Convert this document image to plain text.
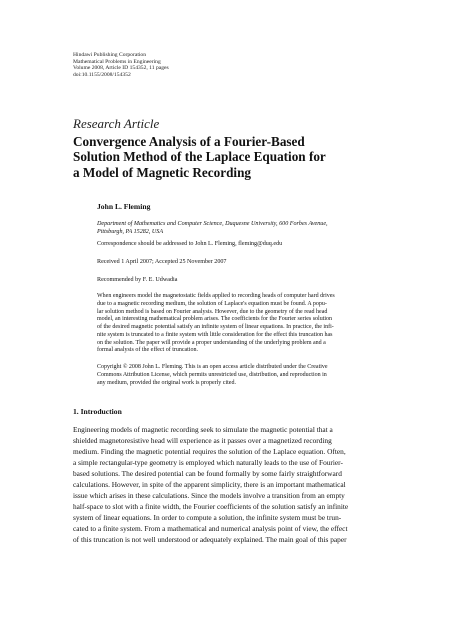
Hindawi Publishing Corporation
Mathematical Problems in Engineering
Volume 2008, Article ID 154352, 11 pages
doi:10.1155/2008/154352
Research Article
Convergence Analysis of a Fourier-Based
Solution Method of the Laplace Equation for
a Model of Magnetic Recording
John L. Fleming
Department of Mathematics and Computer Science, Duquesne University, 600 Forbes Avenue,
Pittsburgh, PA 15282, USA
Correspondence should be addressed to John L. Fleming, fleming@duq.edu
Received 1 April 2007; Accepted 25 November 2007
Recommended by F. E. Udwadia
When engineers model the magnetostatic fields applied to recording heads of computer hard drives
due to a magnetic recording medium, the solution of Laplace's equation must be found. A popu-
lar solution method is based on Fourier analysis. However, due to the geometry of the read head
model, an interesting mathematical problem arises. The coefficients for the Fourier series solution
of the desired magnetic potential satisfy an infinite system of linear equations. In practice, the infi-
nite system is truncated to a finite system with little consideration for the effect this truncation has
on the solution. The paper will provide a proper understanding of the underlying problem and a
formal analysis of the effect of truncation.
Copyright © 2008 John L. Fleming. This is an open access article distributed under the Creative
Commons Attribution License, which permits unrestricted use, distribution, and reproduction in
any medium, provided the original work is properly cited.
1. Introduction
Engineering models of magnetic recording seek to simulate the magnetic potential that a
shielded magnetoresistive head will experience as it passes over a magnetized recording
medium. Finding the magnetic potential requires the solution of the Laplace equation. Often,
a simple rectangular-type geometry is employed which naturally leads to the use of Fourier-
based solutions. The desired potential can be found formally by some fairly straightforward
calculations. However, in spite of the apparent simplicity, there is an important mathematical
issue which arises in these calculations. Since the models involve a transition from an empty
half-space to slot with a finite width, the Fourier coefficients of the solution satisfy an infinite
system of linear equations. In order to compute a solution, the infinite system must be trun-
cated to a finite system. From a mathematical and numerical analysis point of view, the effect
of this truncation is not well understood or adequately explained. The main goal of this paper
